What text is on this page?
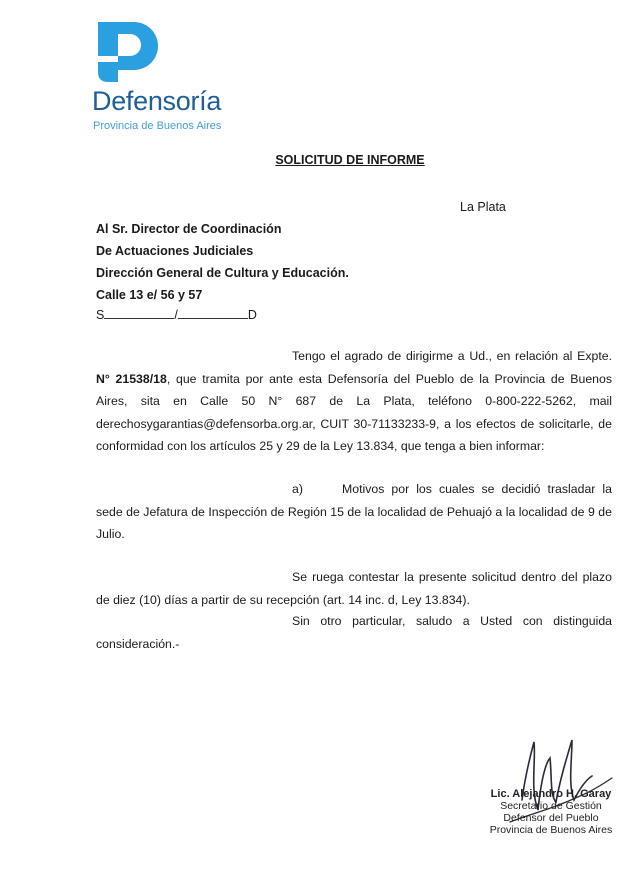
Defensoría
Provincia de Buenos Aires
SOLICITUD DE INFORME
La Plata
Al Sr. Director de Coordinación
De Actuaciones Judiciales
Dirección General de Cultura y Educación.
Calle 13 e/ 56 y 57
S	/	D
Tengo el agrado de dirigirme a Ud., en relación al Expte. N° 21538/18, que tramita por ante esta Defensoría del Pueblo de la Provincia de Buenos Aires, sita en Calle 50 N° 687 de La Plata, teléfono 0-800-222-5262, mail derechosygarantias@defensorba.org.ar, CUIT 30-71133233-9, a los efectos de solicitarle, de conformidad con los artículos 25 y 29 de la Ley 13.834, que tenga a bien informar:
a)	Motivos por los cuales se decidió trasladar la sede de Jefatura de Inspección de Región 15 de la localidad de Pehuajó a la localidad de 9 de Julio.
Se ruega contestar la presente solicitud dentro del plazo de diez (10) días a partir de su recepción (art. 14 inc. d, Ley 13.834).
Sin otro particular, saludo a Usted con distinguida consideración.-
Lic. Alejandro H. Garay
Secretario de Gestión
Defensor del Pueblo
Provincia de Buenos Aires
